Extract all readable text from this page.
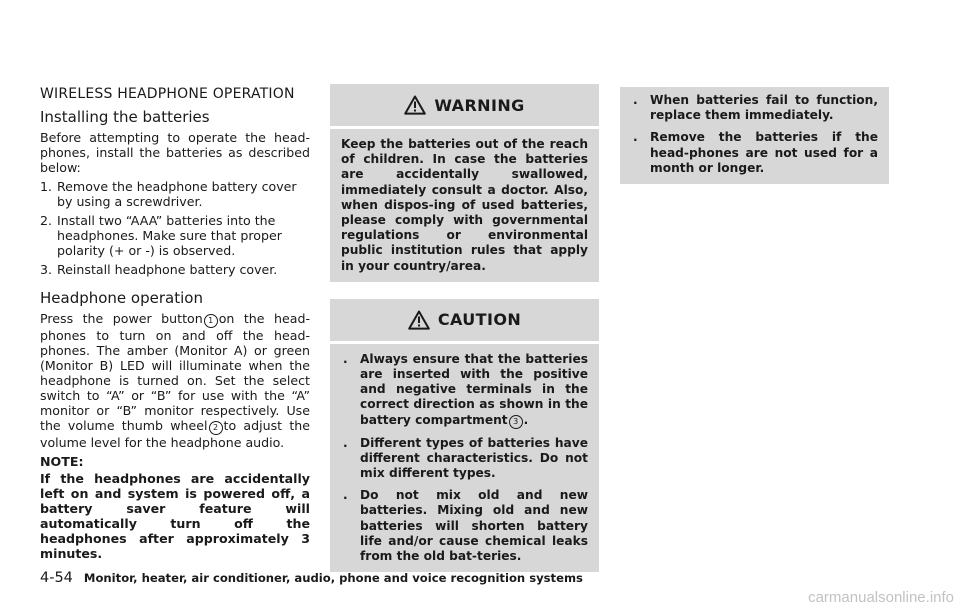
WIRELESS HEADPHONE OPERATION
Installing the batteries

Before attempting to operate the head-phones, install the batteries as described below:

1. Remove the headphone battery cover by using a screwdriver.
2. Install two “AAA” batteries into the headphones. Make sure that proper polarity (+ or -) is observed.
3. Reinstall headphone battery cover.
Headphone operation

Press the power button 1 on the head-phones to turn on and off the head-phones. The amber (Monitor A) or green (Monitor B) LED will illuminate when the headphone is turned on. Set the select switch to “A” or “B” for use with the “A” monitor or “B” monitor respectively. Use the volume thumb wheel 2 to adjust the volume level for the headphone audio.

NOTE:

If the headphones are accidentally left on and system is powered off, a battery saver feature will automatically turn off the headphones after approximately 3 minutes.

WARNING

Keep the batteries out of the reach of children. In case the batteries are accidentally swallowed, immediately consult a doctor. Also, when dispos-ing of used batteries, please comply with governmental regulations or environmental public institution rules that apply in your country/area.

CAUTION
. Always ensure that the batteries are inserted with the positive and negative terminals in the correct direction as shown in the battery compartment 3 .
. Different types of batteries have different characteristics. Do not mix different types.
. Do not mix old and new batteries. Mixing old and new batteries will shorten battery life and/or cause chemical leaks from the old bat-teries.
. When batteries fail to function, replace them immediately.
. Remove the batteries if the head-phones are not used for a month or longer.
4-54 Monitor, heater, air conditioner, audio, phone and voice recognition systems
carmanualsonline.info
